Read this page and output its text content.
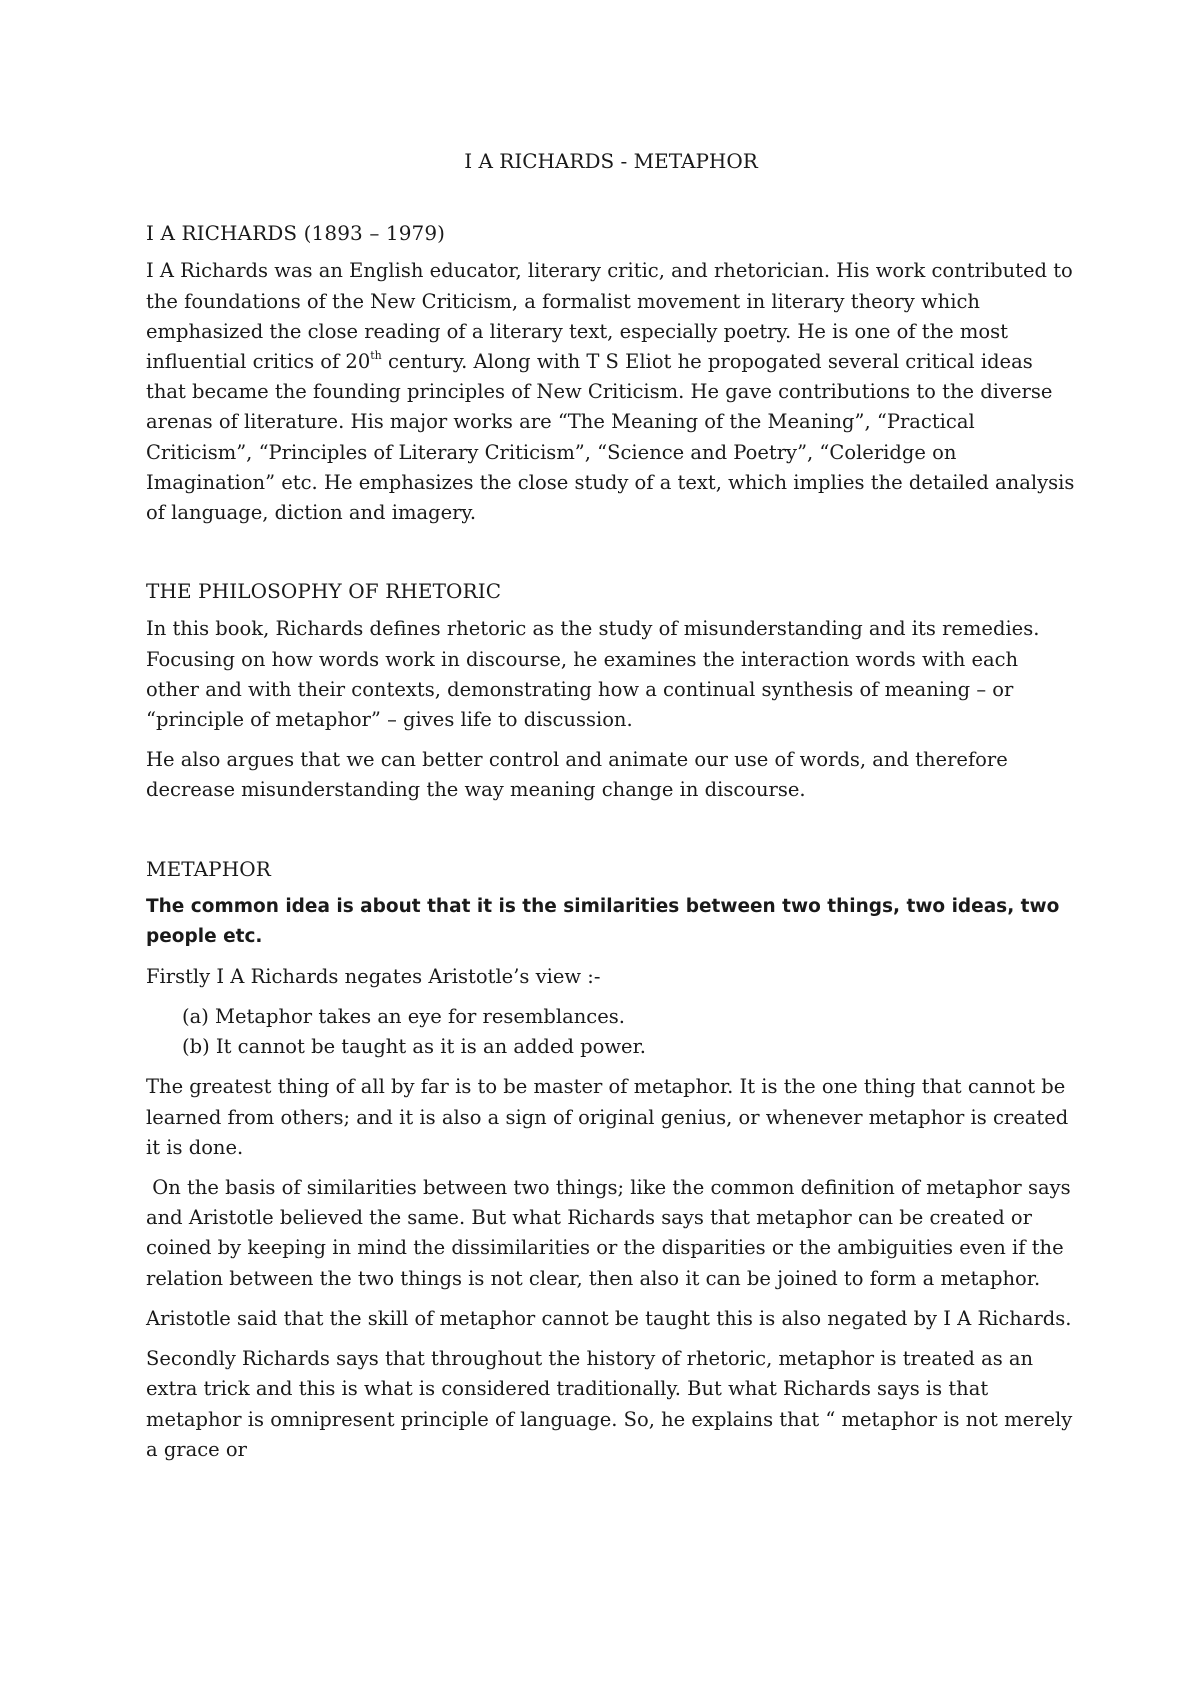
I A RICHARDS - METAPHOR
I A RICHARDS (1893 – 1979)

I A Richards was an English educator, literary critic, and rhetorician. His work contributed to the foundations of the New Criticism, a formalist movement in literary theory which emphasized the close reading of a literary text, especially poetry. He is one of the most influential critics of 20th century. Along with T S Eliot he propogated several critical ideas that became the founding principles of New Criticism. He gave contributions to the diverse arenas of literature. His major works are “The Meaning of the Meaning”, “Practical Criticism”, “Principles of Literary Criticism”, “Science and Poetry”, “Coleridge on Imagination” etc. He emphasizes the close study of a text, which implies the detailed analysis of language, diction and imagery.

THE PHILOSOPHY OF RHETORIC

In this book, Richards defines rhetoric as the study of misunderstanding and its remedies. Focusing on how words work in discourse, he examines the interaction words with each other and with their contexts, demonstrating how a continual synthesis of meaning – or “principle of metaphor” – gives life to discussion.

He also argues that we can better control and animate our use of words, and therefore decrease misunderstanding the way meaning change in discourse.

METAPHOR
The common idea is about that it is the similarities between two things, two ideas, two people etc.

Firstly I A Richards negates Aristotle’s view :-

(a) Metaphor takes an eye for resemblances.
(b) It cannot be taught as it is an added power.

The greatest thing of all by far is to be master of metaphor. It is the one thing that cannot be learned from others; and it is also a sign of original genius, or whenever metaphor is created it is done.

On the basis of similarities between two things; like the common definition of metaphor says and Aristotle believed the same. But what Richards says that metaphor can be created or coined by keeping in mind the dissimilarities or the disparities or the ambiguities even if the relation between the two things is not clear, then also it can be joined to form a metaphor.

Aristotle said that the skill of metaphor cannot be taught this is also negated by I A Richards.

Secondly Richards says that throughout the history of rhetoric, metaphor is treated as an extra trick and this is what is considered traditionally. But what Richards says is that metaphor is omnipresent principle of language. So, he explains that “ metaphor is not merely a grace or
